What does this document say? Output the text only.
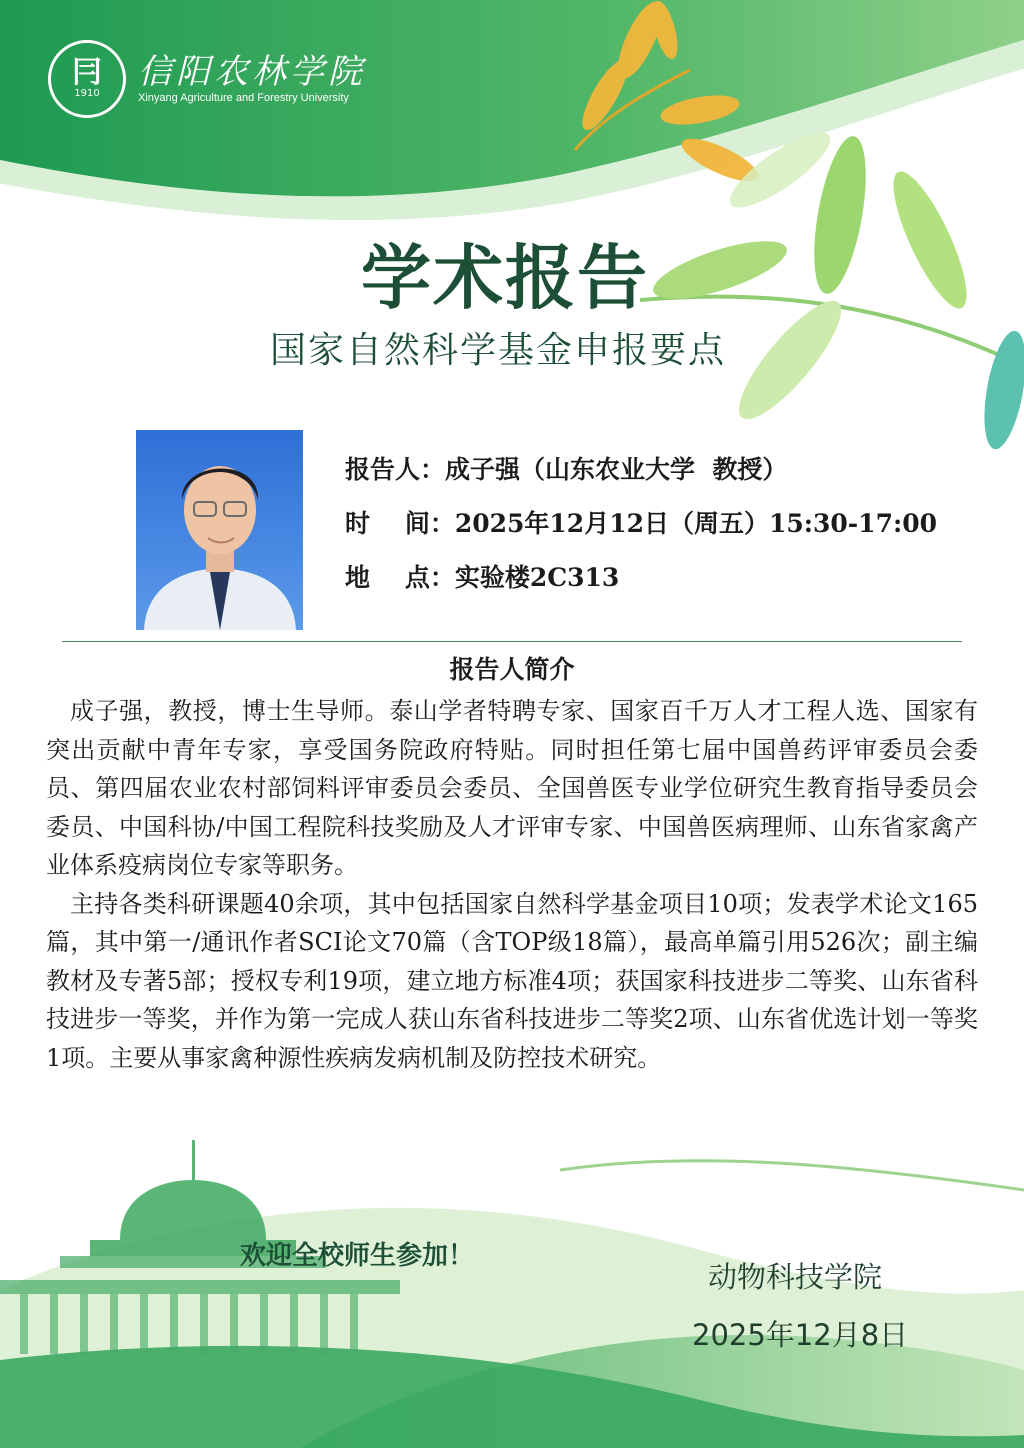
冃
1910
信阳农林学院
Xinyang Agriculture and Forestry University
学术报告
国家自然科学基金申报要点
报告人：成子强（山东农业大学  教授）
时    间：2025年12月12日（周五）15:30-17:00
地    点：实验楼2C313
报告人简介

成子强，教授，博士生导师。泰山学者特聘专家、国家百千万人才工程人选、国家有突出贡献中青年专家，享受国务院政府特贴。同时担任第七届中国兽药评审委员会委员、第四届农业农村部饲料评审委员会委员、全国兽医专业学位研究生教育指导委员会委员、中国科协/中国工程院科技奖励及人才评审专家、中国兽医病理师、山东省家禽产业体系疫病岗位专家等职务。

主持各类科研课题40余项，其中包括国家自然科学基金项目10项；发表学术论文165篇，其中第一/通讯作者SCI论文70篇（含TOP级18篇），最高单篇引用526次；副主编教材及专著5部；授权专利19项，建立地方标准4项；获国家科技进步二等奖、山东省科技进步一等奖，并作为第一完成人获山东省科技进步二等奖2项、山东省优选计划一等奖1项。主要从事家禽种源性疾病发病机制及防控技术研究。

欢迎全校师生参加！
动物科技学院
2025年12月8日
